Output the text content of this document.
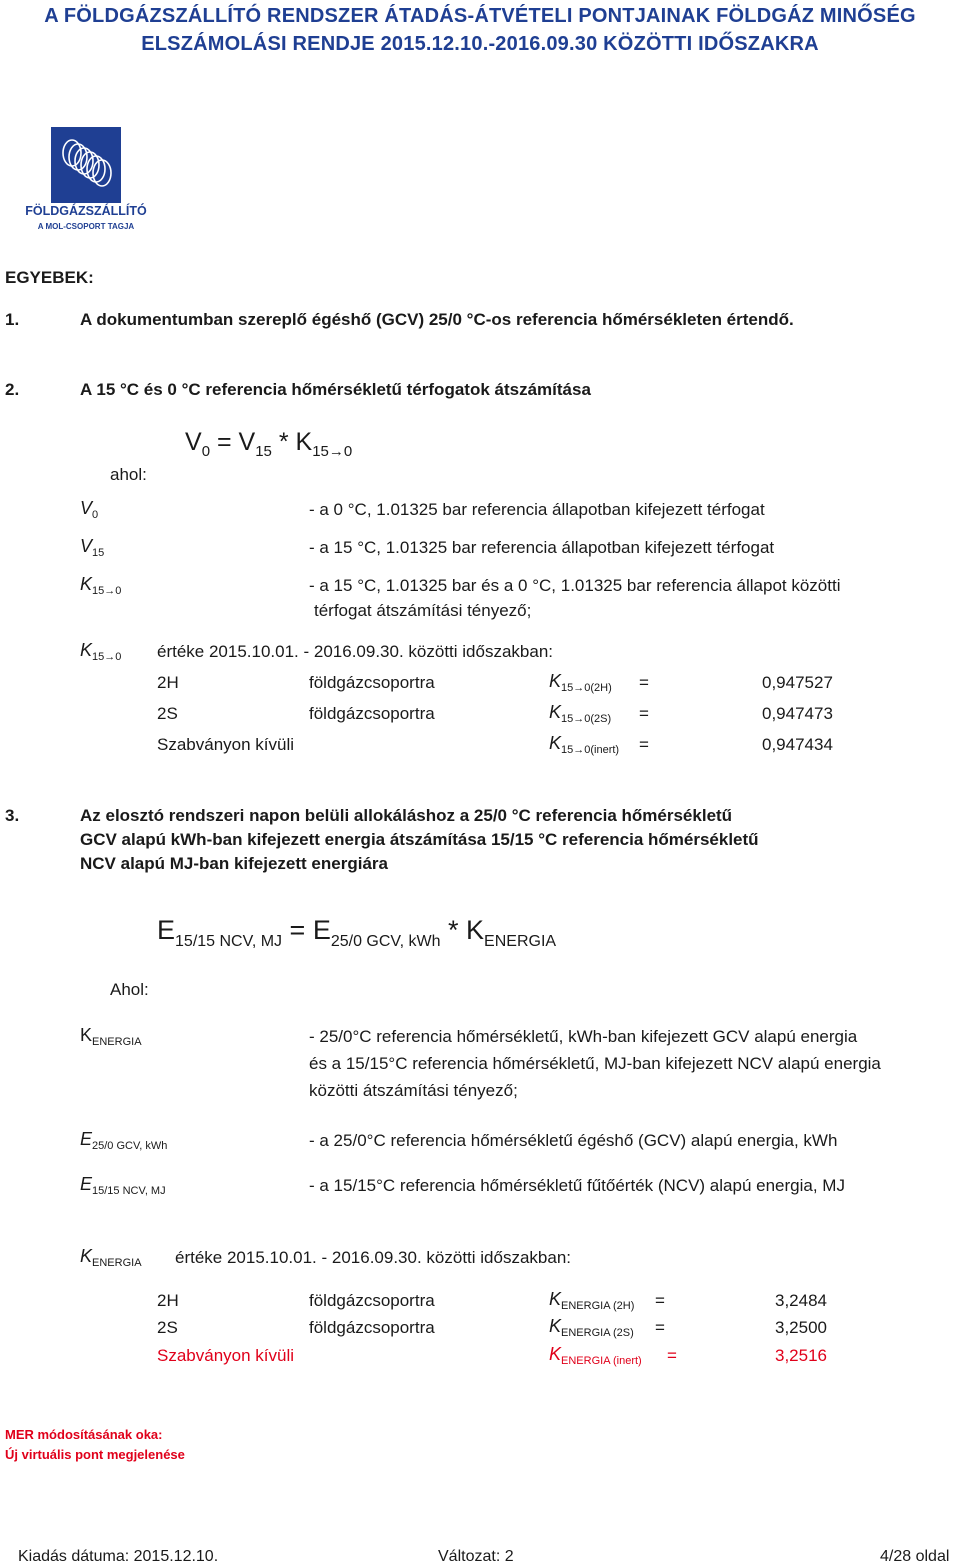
A FÖLDGÁZSZÁLLÍTÓ RENDSZER ÁTADÁS-ÁTVÉTELI PONTJAINAK FÖLDGÁZ MINŐSÉG
ELSZÁMOLÁSI RENDJE 2015.12.10.-2016.09.30 KÖZÖTTI IDŐSZAKRA
FÖLDGÁZSZÁLLÍTÓ
A MOL-CSOPORT TAGJA
EGYEBEK:
1.	A dokumentumban szereplő égéshő (GCV) 25/0 °C-os referencia hőmérsékleten értendő.
2.	A 15 °C és 0 °C referencia hőmérsékletű térfogatok átszámítása
$V_0 = V_{15} * K_{15\to 0}$
ahol:
$V_0$	- a 0 °C, 1.01325 bar referencia állapotban kifejezett térfogat
$V_{15}$	- a 15 °C, 1.01325 bar referencia állapotban kifejezett térfogat
$K_{15\to 0}$	- a 15 °C, 1.01325 bar és a 0 °C, 1.01325 bar referencia állapot közötti
térfogat átszámítási tényező;
$K_{15\to 0}$ értéke 2015.10.01. - 2016.09.30. közötti időszakban:
2H	földgázcsoportra	$K_{15\to 0(2H)}$ =	0,947527
2S	földgázcsoportra	$K_{15\to 0(2S)}$ =	0,947473
Szabványon kívüli	$K_{15\to 0(inert)}$ =	0,947434
3.	Az elosztó rendszeri napon belüli allokáláshoz a 25/0 °C referencia hőmérsékletű
GCV alapú kWh-ban kifejezett energia átszámítása 15/15 °C referencia hőmérsékletű
NCV alapú MJ-ban kifejezett energiára
$E_{15/15 NCV, MJ} = E_{25/0 GCV, kWh} * K_{ENERGIA}$
Ahol:
$K_{ENERGIA}$	- 25/0°C referencia hőmérsékletű, kWh-ban kifejezett GCV alapú energia
és a 15/15°C referencia hőmérsékletű, MJ-ban kifejezett NCV alapú energia
közötti átszámítási tényező;
$E_{25/0 GCV, kWh}$	- a 25/0°C referencia hőmérsékletű égéshő (GCV) alapú energia, kWh
$E_{15/15 NCV, MJ}$	- a 15/15°C referencia hőmérsékletű fűtőérték (NCV) alapú energia, MJ
$K_{ENERGIA}$ értéke 2015.10.01. - 2016.09.30. közötti időszakban:
2H	földgázcsoportra	$K_{ENERGIA (2H)}$ =	3,2484
2S	földgázcsoportra	$K_{ENERGIA (2S)}$ =	3,2500
Szabványon kívüli	$K_{ENERGIA (inert)}$ =	3,2516
MER módosításának oka:
Új virtuális pont megjelenése
Kiadás dátuma: 2015.12.10.	Változat: 2	4/28 oldal
